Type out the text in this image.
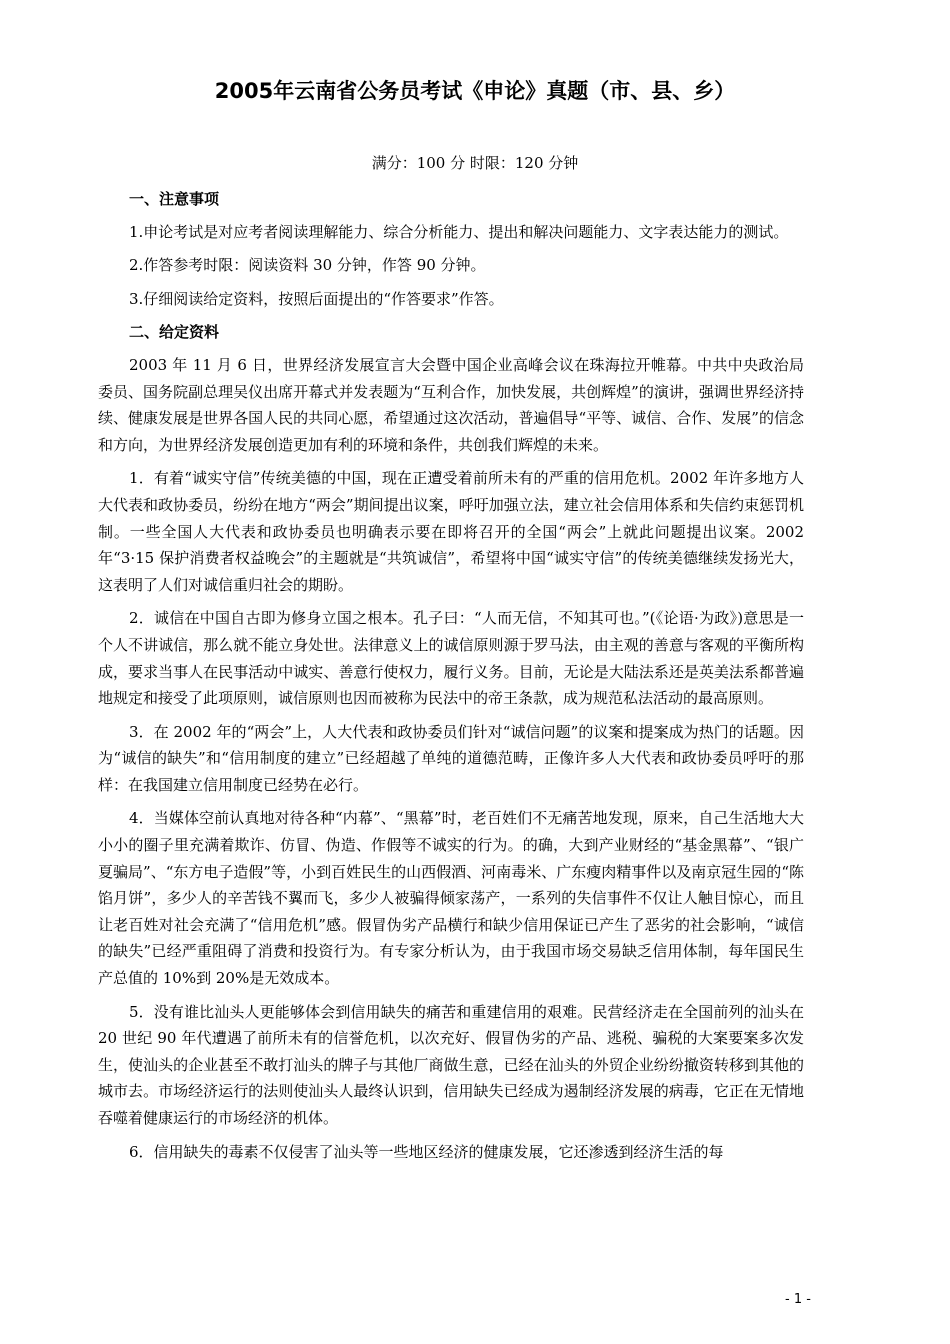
2005年云南省公务员考试《申论》真题（市、县、乡）
满分：100 分 时限：120 分钟
一、注意事项

1.申论考试是对应考者阅读理解能力、综合分析能力、提出和解决问题能力、文字表达能力的测试。

2.作答参考时限：阅读资料 30 分钟，作答 90 分钟。

3.仔细阅读给定资料，按照后面提出的“作答要求”作答。

二、给定资料

2003 年 11 月 6 日，世界经济发展宣言大会暨中国企业高峰会议在珠海拉开帷幕。中共中央政治局委员、国务院副总理吴仪出席开幕式并发表题为“互利合作，加快发展，共创辉煌”的演讲，强调世界经济持续、健康发展是世界各国人民的共同心愿，希望通过这次活动，普遍倡导“平等、诚信、合作、发展”的信念和方向，为世界经济发展创造更加有利的环境和条件，共创我们辉煌的未来。

1．有着“诚实守信”传统美德的中国，现在正遭受着前所未有的严重的信用危机。2002 年许多地方人大代表和政协委员，纷纷在地方“两会”期间提出议案，呼吁加强立法，建立社会信用体系和失信约束惩罚机制。一些全国人大代表和政协委员也明确表示要在即将召开的全国“两会”上就此问题提出议案。2002 年“3·15 保护消费者权益晚会”的主题就是“共筑诚信”，希望将中国“诚实守信”的传统美德继续发扬光大，这表明了人们对诚信重归社会的期盼。

2．诚信在中国自古即为修身立国之根本。孔子曰：“人而无信，不知其可也。”(《论语·为政》)意思是一个人不讲诚信，那么就不能立身处世。法律意义上的诚信原则源于罗马法，由主观的善意与客观的平衡所构成，要求当事人在民事活动中诚实、善意行使权力，履行义务。目前，无论是大陆法系还是英美法系都普遍地规定和接受了此项原则，诚信原则也因而被称为民法中的帝王条款，成为规范私法活动的最高原则。

3．在 2002 年的“两会”上，人大代表和政协委员们针对“诚信问题”的议案和提案成为热门的话题。因为“诚信的缺失”和“信用制度的建立”已经超越了单纯的道德范畴，正像许多人大代表和政协委员呼吁的那样：在我国建立信用制度已经势在必行。

4．当媒体空前认真地对待各种“内幕”、“黑幕”时，老百姓们不无痛苦地发现，原来，自己生活地大大小小的圈子里充满着欺诈、仿冒、伪造、作假等不诚实的行为。的确，大到产业财经的“基金黑幕”、“银广夏骗局”、“东方电子造假”等，小到百姓民生的山西假酒、河南毒米、广东瘦肉精事件以及南京冠生园的“陈馅月饼”，多少人的辛苦钱不翼而飞，多少人被骗得倾家荡产，一系列的失信事件不仅让人触目惊心，而且让老百姓对社会充满了“信用危机”感。假冒伪劣产品横行和缺少信用保证已产生了恶劣的社会影响，“诚信的缺失”已经严重阻碍了消费和投资行为。有专家分析认为，由于我国市场交易缺乏信用体制，每年国民生产总值的 10%到 20%是无效成本。

5．没有谁比汕头人更能够体会到信用缺失的痛苦和重建信用的艰难。民营经济走在全国前列的汕头在 20 世纪 90 年代遭遇了前所未有的信誉危机，以次充好、假冒伪劣的产品、逃税、骗税的大案要案多次发生，使汕头的企业甚至不敢打汕头的牌子与其他厂商做生意，已经在汕头的外贸企业纷纷撤资转移到其他的城市去。市场经济运行的法则使汕头人最终认识到，信用缺失已经成为遏制经济发展的病毒，它正在无情地吞噬着健康运行的市场经济的机体。

6．信用缺失的毒素不仅侵害了汕头等一些地区经济的健康发展，它还渗透到经济生活的每

- 1 -
